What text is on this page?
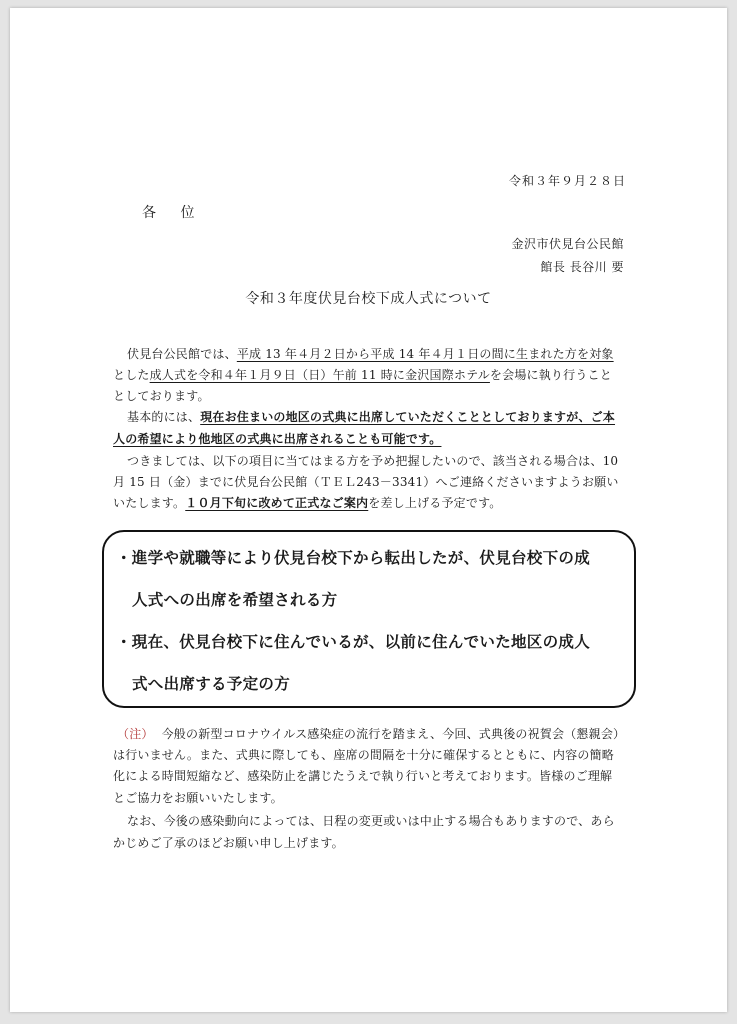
令和３年９月２８日
各 位
金沢市伏見台公民館
館長 長谷川 要
令和３年度伏見台校下成人式について
伏見台公民館では、平成 13 年４月２日から平成 14 年４月１日の間に生まれた方を対象
とした成人式を令和４年１月９日（日）午前 11 時に金沢国際ホテルを会場に執り行うこと
としております。
基本的には、現在お住まいの地区の式典に出席していただくこととしておりますが、ご本
人の希望により他地区の式典に出席されることも可能です。
つきましては、以下の項目に当てはまる方を予め把握したいので、該当される場合は、10
月 15 日（金）までに伏見台公民館（ＴＥＬ243－3341）へご連絡くださいますようお願い
いたします。１０月下旬に改めて正式なご案内を差し上げる予定です。
・進学や就職等により伏見台校下から転出したが、伏見台校下の成
人式への出席を希望される方
・現在、伏見台校下に住んでいるが、以前に住んでいた地区の成人
式へ出席する予定の方
（注） 今般の新型コロナウイルス感染症の流行を踏まえ、今回、式典後の祝賀会（懇親会）
は行いません。また、式典に際しても、座席の間隔を十分に確保するとともに、内容の簡略
化による時間短縮など、感染防止を講じたうえで執り行いと考えております。皆様のご理解
とご協力をお願いいたします。
なお、今後の感染動向によっては、日程の変更或いは中止する場合もありますので、あら
かじめご了承のほどお願い申し上げます。
